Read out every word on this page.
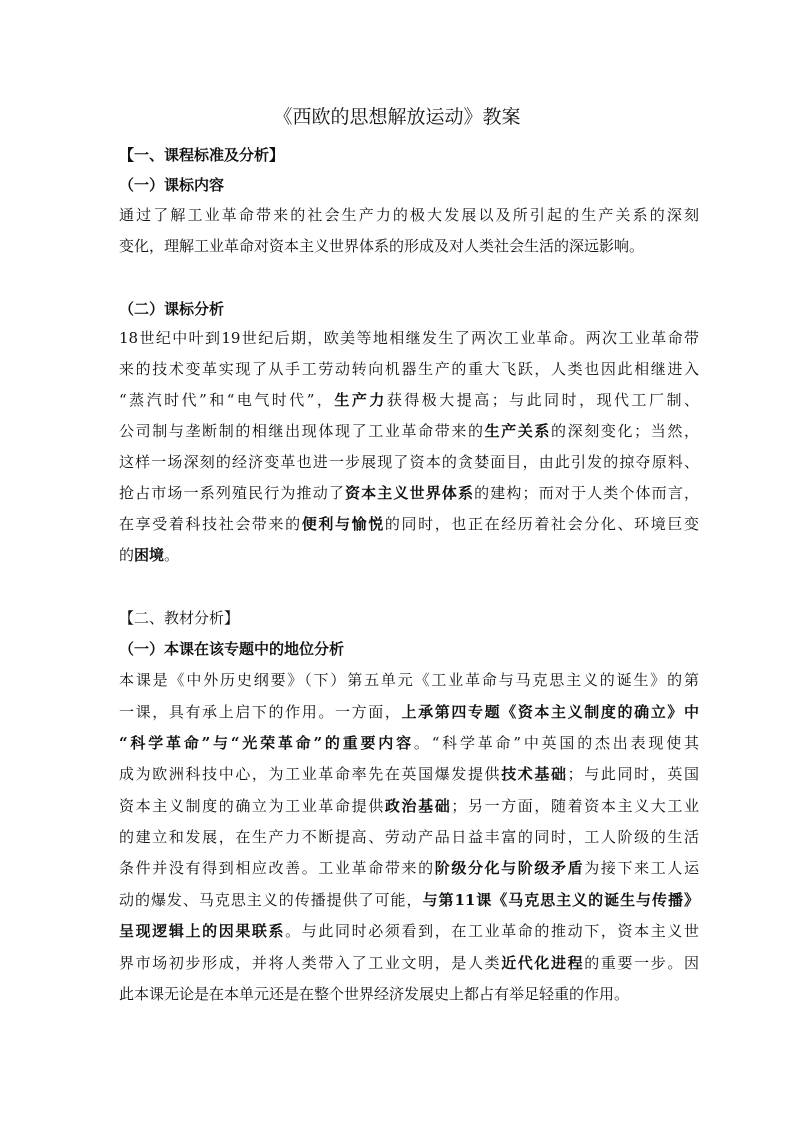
《西欧的思想解放运动》教案

【一、课程标准及分析】

（一）课标内容

通过了解工业革命带来的社会生产力的极大发展以及所引起的生产关系的深刻

变化，理解工业革命对资本主义世界体系的形成及对人类社会生活的深远影响。

（二）课标分析

18世纪中叶到19世纪后期，欧美等地相继发生了两次工业革命。两次工业革命带

来的技术变革实现了从手工劳动转向机器生产的重大飞跃，人类也因此相继进入

“蒸汽时代”和“电气时代”，生产力获得极大提高；与此同时，现代工厂制、

公司制与垄断制的相继出现体现了工业革命带来的生产关系的深刻变化；当然，

这样一场深刻的经济变革也进一步展现了资本的贪婪面目，由此引发的掠夺原料、

抢占市场一系列殖民行为推动了资本主义世界体系的建构；而对于人类个体而言，

在享受着科技社会带来的便利与愉悦的同时，也正在经历着社会分化、环境巨变

的困境。

【二、教材分析】

（一）本课在该专题中的地位分析

本课是《中外历史纲要》（下）第五单元《工业革命与马克思主义的诞生》的第

一课，具有承上启下的作用。一方面，上承第四专题《资本主义制度的确立》中

“科学革命”与“光荣革命”的重要内容。“科学革命”中英国的杰出表现使其

成为欧洲科技中心，为工业革命率先在英国爆发提供技术基础；与此同时，英国

资本主义制度的确立为工业革命提供政治基础；另一方面，随着资本主义大工业

的建立和发展，在生产力不断提高、劳动产品日益丰富的同时，工人阶级的生活

条件并没有得到相应改善。工业革命带来的阶级分化与阶级矛盾为接下来工人运

动的爆发、马克思主义的传播提供了可能，与第11课《马克思主义的诞生与传播》

呈现逻辑上的因果联系。与此同时必须看到，在工业革命的推动下，资本主义世

界市场初步形成，并将人类带入了工业文明，是人类近代化进程的重要一步。因

此本课无论是在本单元还是在整个世界经济发展史上都占有举足轻重的作用。
